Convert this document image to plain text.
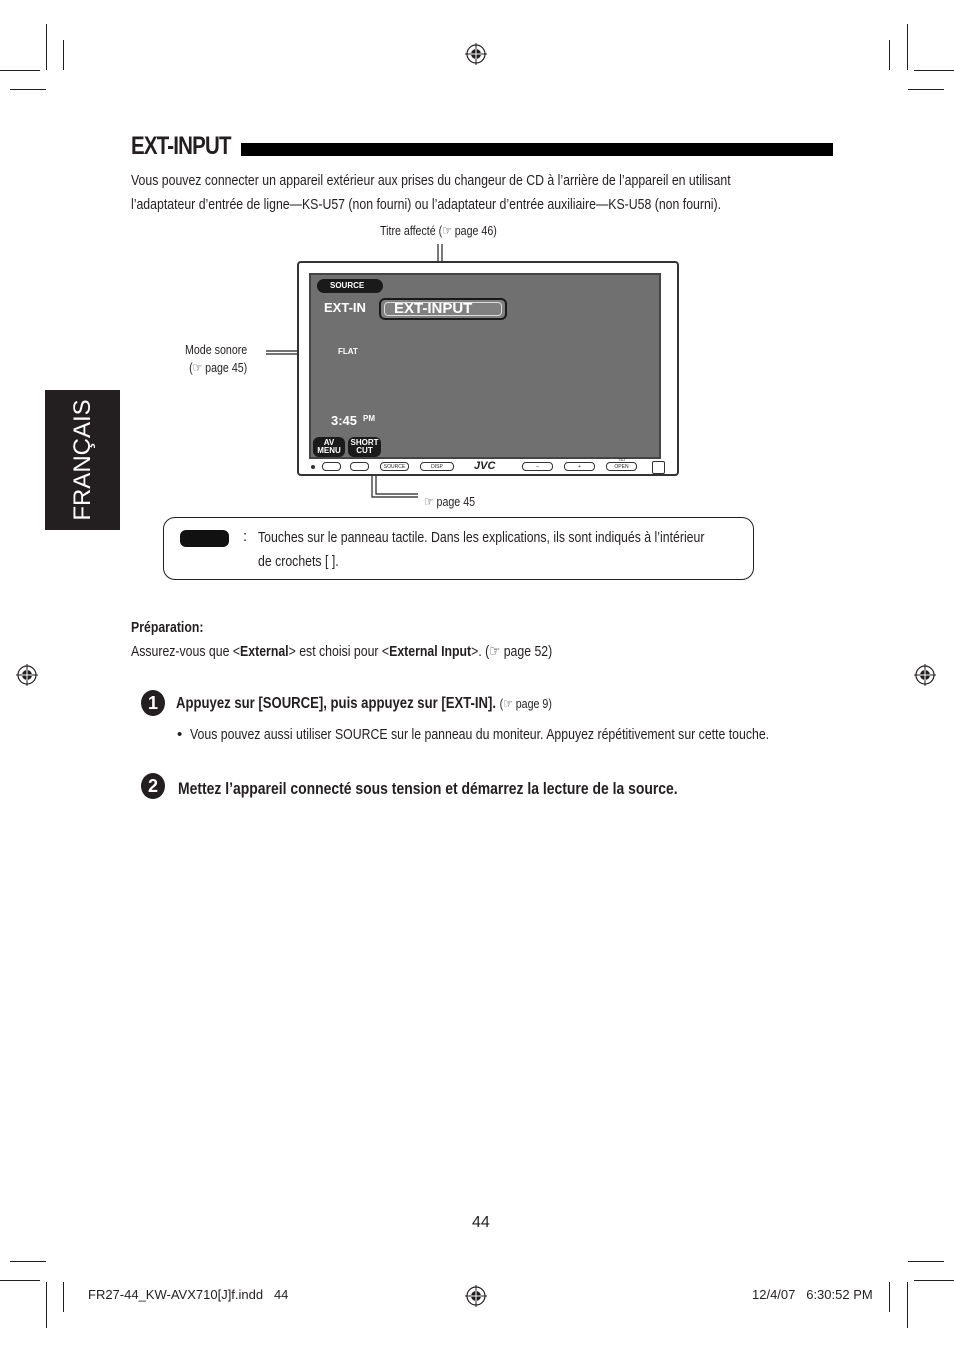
EXT-INPUT
Vous pouvez connecter un appareil extérieur aux prises du changeur de CD à l’arrière de l’appareil en utilisant
l’adaptateur d’entrée de ligne—KS-U57 (non fourni) ou l’adaptateur d’entrée auxiliaire—KS-U58 (non fourni).
Titre affecté (☞ page 46)
Mode sonore
(☞ page 45)
☞ page 45
SOURCE
EXT-IN EXT-INPUT
FLAT
3:45 PM
AV
MENU
SHORT
CUT
SOURCE	DISP	JVC	–	+
TILT
OPEN
: Touches sur le panneau tactile. Dans les explications, ils sont indiqués à l’intérieur
de crochets [ ].
FRANÇAIS
Préparation:
Assurez-vous que <External> est choisi pour <External Input>. (☞ page 52)
1	Appuyez sur [SOURCE], puis appuyez sur [EXT-IN]. (☞ page 9)
• Vous pouvez aussi utiliser SOURCE sur le panneau du moniteur. Appuyez répétitivement sur cette touche.
2	Mettez l’appareil connecté sous tension et démarrez la lecture de la source.
44
FR27-44_KW-AVX710[J]f.indd   44	12/4/07   6:30:52 PM
